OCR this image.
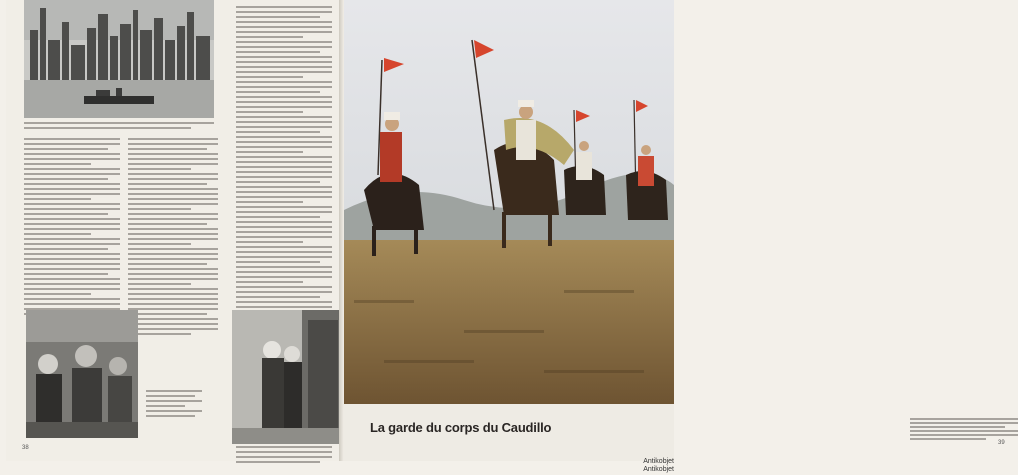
38
La garde du corps du Caudillo
39
Antikobjet
Antikobjet
